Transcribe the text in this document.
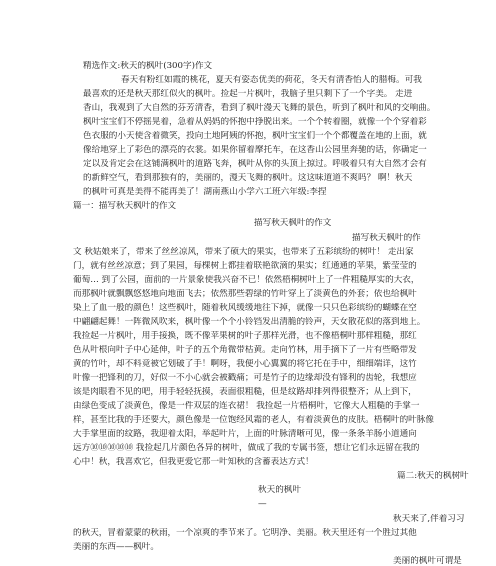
精选作文:秋天的枫叶(300字)作文
春天有粉红如霞的桃花，夏天有姿态优美的荷花，冬天有清香怡人的腊梅。可我
最喜欢的还是秋天那红似火的枫叶。捡起一片枫叶，我脑子里只剩下了一个字美。 走进
香山，我观到了大自然的芬芳清香，看到了枫叶漫天飞舞的景色，听到了枫叶和风的交响曲。
枫叶宝宝们不停摇晃着，急着从妈妈的怀抱中挣脱出来。一个个转着圈，就像一个个穿着彩
色衣服的小天使含着微笑，投向土地阿姨的怀抱，枫叶宝宝们一个个都覆盖在地的上面，就
像给地穿上了彩色的漂亮的衣裳。如果你留着摩托车，在这香山公园里奔驰的话，你确定一
定以及肯定会在这铺满枫叶的道路飞奔，枫叶从你的头顶上掠过。呼吸着只有大自然才会有
的新鲜空气，看到那独有的，美丽的，漫天飞舞的枫叶。这这味道道不爽吗？ 啊！秋天
的枫叶可真是美得不能再美了！湖南燕山小学六工班六年级:李捏
篇一：描写秋天枫叶的作文
描写秋天枫叶的作文
描写秋天枫叶的作
文 秋姑娘来了，带来了丝丝凉风，带来了硕大的果实，也带来了五彩缤纷的树叶！ 走出家
门，就有丝丝凉意；到了果园，每棵树上都挂着联艳欲滴的果实；红通通的苹果，紫莹莹的
葡萄… 到了公园，面前的一片景象使我兴奋不已！依然梧桐树叶上了一件粗糙厚实的大衣，
而那枫叶就飘飘悠悠地向地面飞去；依然那些碧绿的竹叶穿上了淡黄色的外套；依也给枫叶
染上了血一般的颜色！这些枫叶，随着秋风缓缓地往下掉，就像一只只色彩缤纷的蝴蝶在空
中翩翩起舞！一阵微风吹来，枫叶像一个个小铃铛发出清脆的铃声，天女散花似的落到地上。
我捡起一片枫叶，用手接换，既不像苹果树的叶子那样光滑，也不像梧桐叶那样粗糙，那红
色从叶根向叶子中心延伸，叶子的五个角微带枯黄。走向竹林，用手摘下了一片有些略带发
黄的竹叶，却不料竟被它划破了手！啊呀，我便小心翼翼的将它托在手中，细细端详，这竹
叶像一把锋利的刀，好似一不小心就会被戳痛；可是竹子的边缘却没有锋利的齿轮，我想应
该是肉眼看不见的吧，用手轻轻抚摸，表面很粗糙，但是纹路却排列得很整齐；从上到下，
由绿色变成了淡黄色，像是一件双层的连衣裙！ 我捡起一片梧桐叶，它像大人粗糙的手掌一
样，甚至比我的手还要大，颜色像是一位饱经风霜的老人，有着淡黄色的皮肤。梧桐叶的叶脉像
大手掌里面的纹路，我迎着太阳，举起叶片，上面的叶脉清晰可见，像一条条羊肠小道通向
远方⑩⑩⑩⑩⑩ 我捡起几片颜色各异的树叶，做成了我的专属书签，想让它们永远留在我的
心中！秋，我喜欢它，但我更爱它那一叶知秋的含蓄表达方式！
篇二:秋天的枫树叶
秋天的枫叶
—
秋天来了,伴着习习
的秋天，冒着蒙蒙的秋雨，一个凉爽的季节来了。它明净、美丽。秋天里还有一个胜过其他
美丽的东西——枫叶。
美丽的枫叶可谓是
